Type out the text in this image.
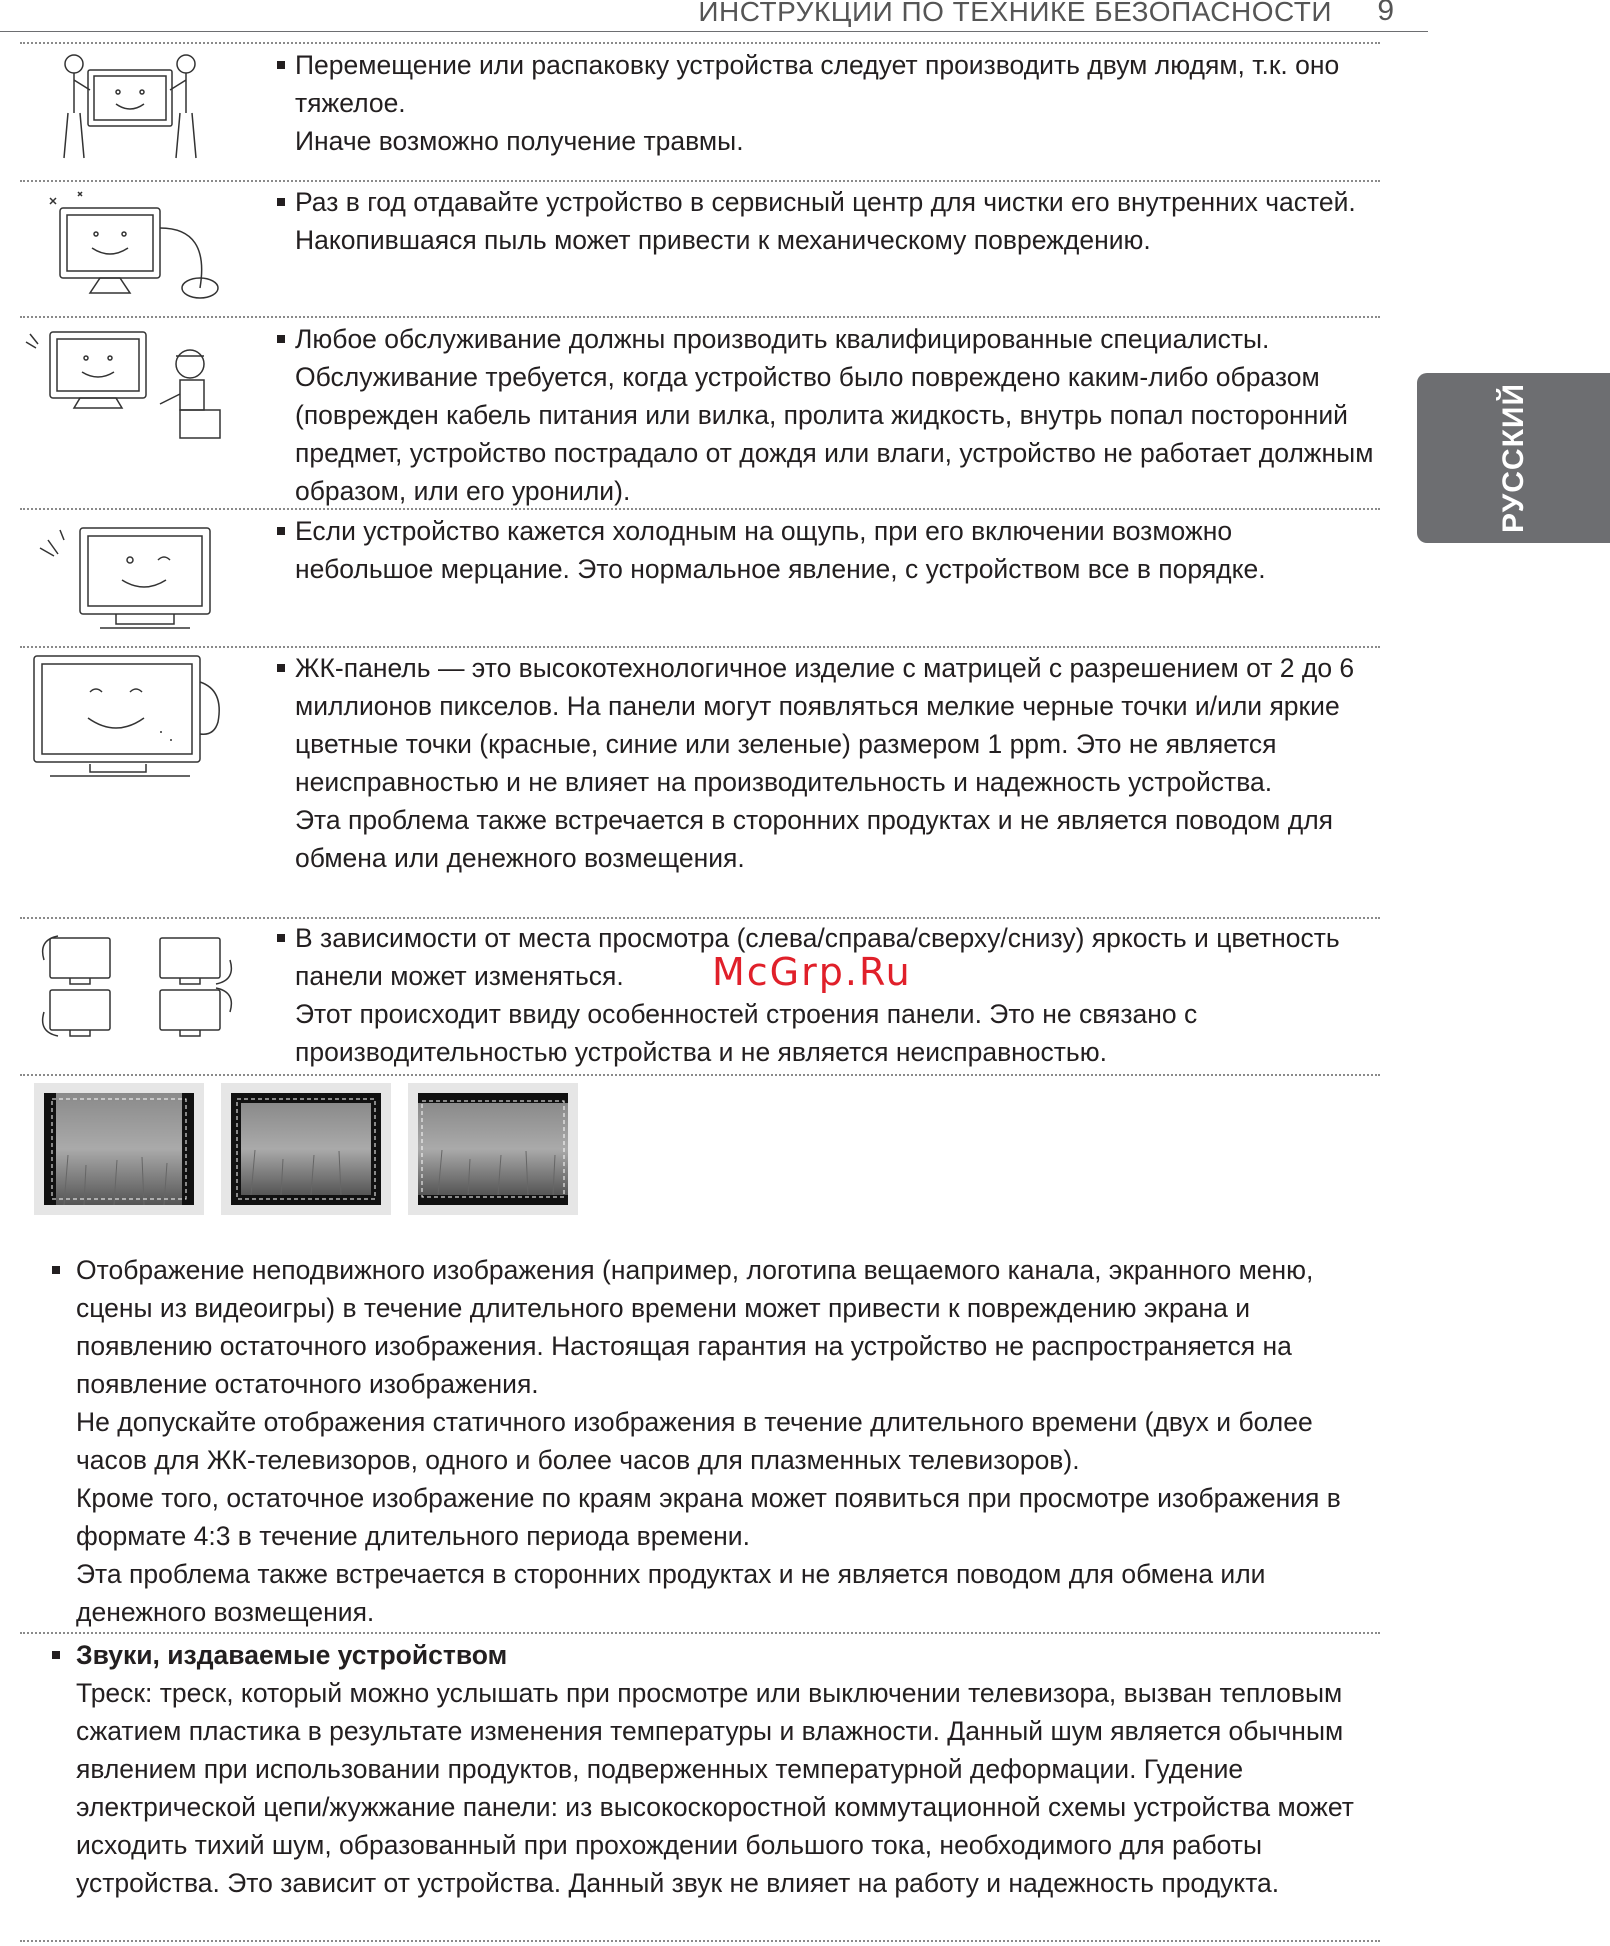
ИНСТРУКЦИИ ПО ТЕХНИКЕ БЕЗОПАСНОСТИ 9
РУССКИЙ

Перемещение или распаковку устройства следует производить двум людям, т.к. оно тяжелое.

Иначе возможно получение травмы.

Раз в год отдавайте устройство в сервисный центр для чистки его внутренних частей.

Накопившаяся пыль может привести к механическому повреждению.

Любое обслуживание должны производить квалифицированные специалисты. Обслуживание требуется, когда устройство было повреждено каким-либо образом (поврежден кабель питания или вилка, пролита жидкость, внутрь попал посторонний предмет, устройство пострадало от дождя или влаги, устройство не работает должным образом, или его уронили).

Если устройство кажется холодным на ощупь, при его включении возможно небольшое мерцание. Это нормальное явление, с устройством все в порядке.

ЖК-панель — это высокотехнологичное изделие с матрицей с разрешением от 2 до 6 миллионов пикселов. На панели могут появляться мелкие черные точки и/или яркие цветные точки (красные, синие или зеленые) размером 1 ppm. Это не является неисправностью и не влияет на производительность и надежность устройства.

Эта проблема также встречается в сторонних продуктах и не является поводом для обмена или денежного возмещения.

В зависимости от места просмотра (слева/справа/сверху/снизу) яркость и цветность панели может изменяться.

Этот происходит ввиду особенностей строения панели. Это не связано с производительностью устройства и не является неисправностью.

McGrp.Ru

Отображение неподвижного изображения (например, логотипа вещаемого канала, экранного меню, сцены из видеоигры) в течение длительного времени может привести к повреждению экрана и появлению остаточного изображения. Настоящая гарантия на устройство не распространяется на появление остаточного изображения.

Не допускайте отображения статичного изображения в течение длительного времени (двух и более часов для ЖК-телевизоров, одного и более часов для плазменных телевизоров).

Кроме того, остаточное изображение по краям экрана может появиться при просмотре изображения в формате 4:3 в течение длительного периода времени.

Эта проблема также встречается в сторонних продуктах и не является поводом для обмена или денежного возмещения.

Звуки, издаваемые устройством

Треск: треск, который можно услышать при просмотре или выключении телевизора, вызван тепловым сжатием пластика в результате изменения температуры и влажности. Данный шум является обычным явлением при использовании продуктов, подверженных температурной деформации. Гудение электрической цепи/жужжание панели: из высокоскоростной коммутационной схемы устройства может исходить тихий шум, образованный при прохождении большого тока, необходимого для работы устройства. Это зависит от устройства. Данный звук не влияет на работу и надежность продукта.
